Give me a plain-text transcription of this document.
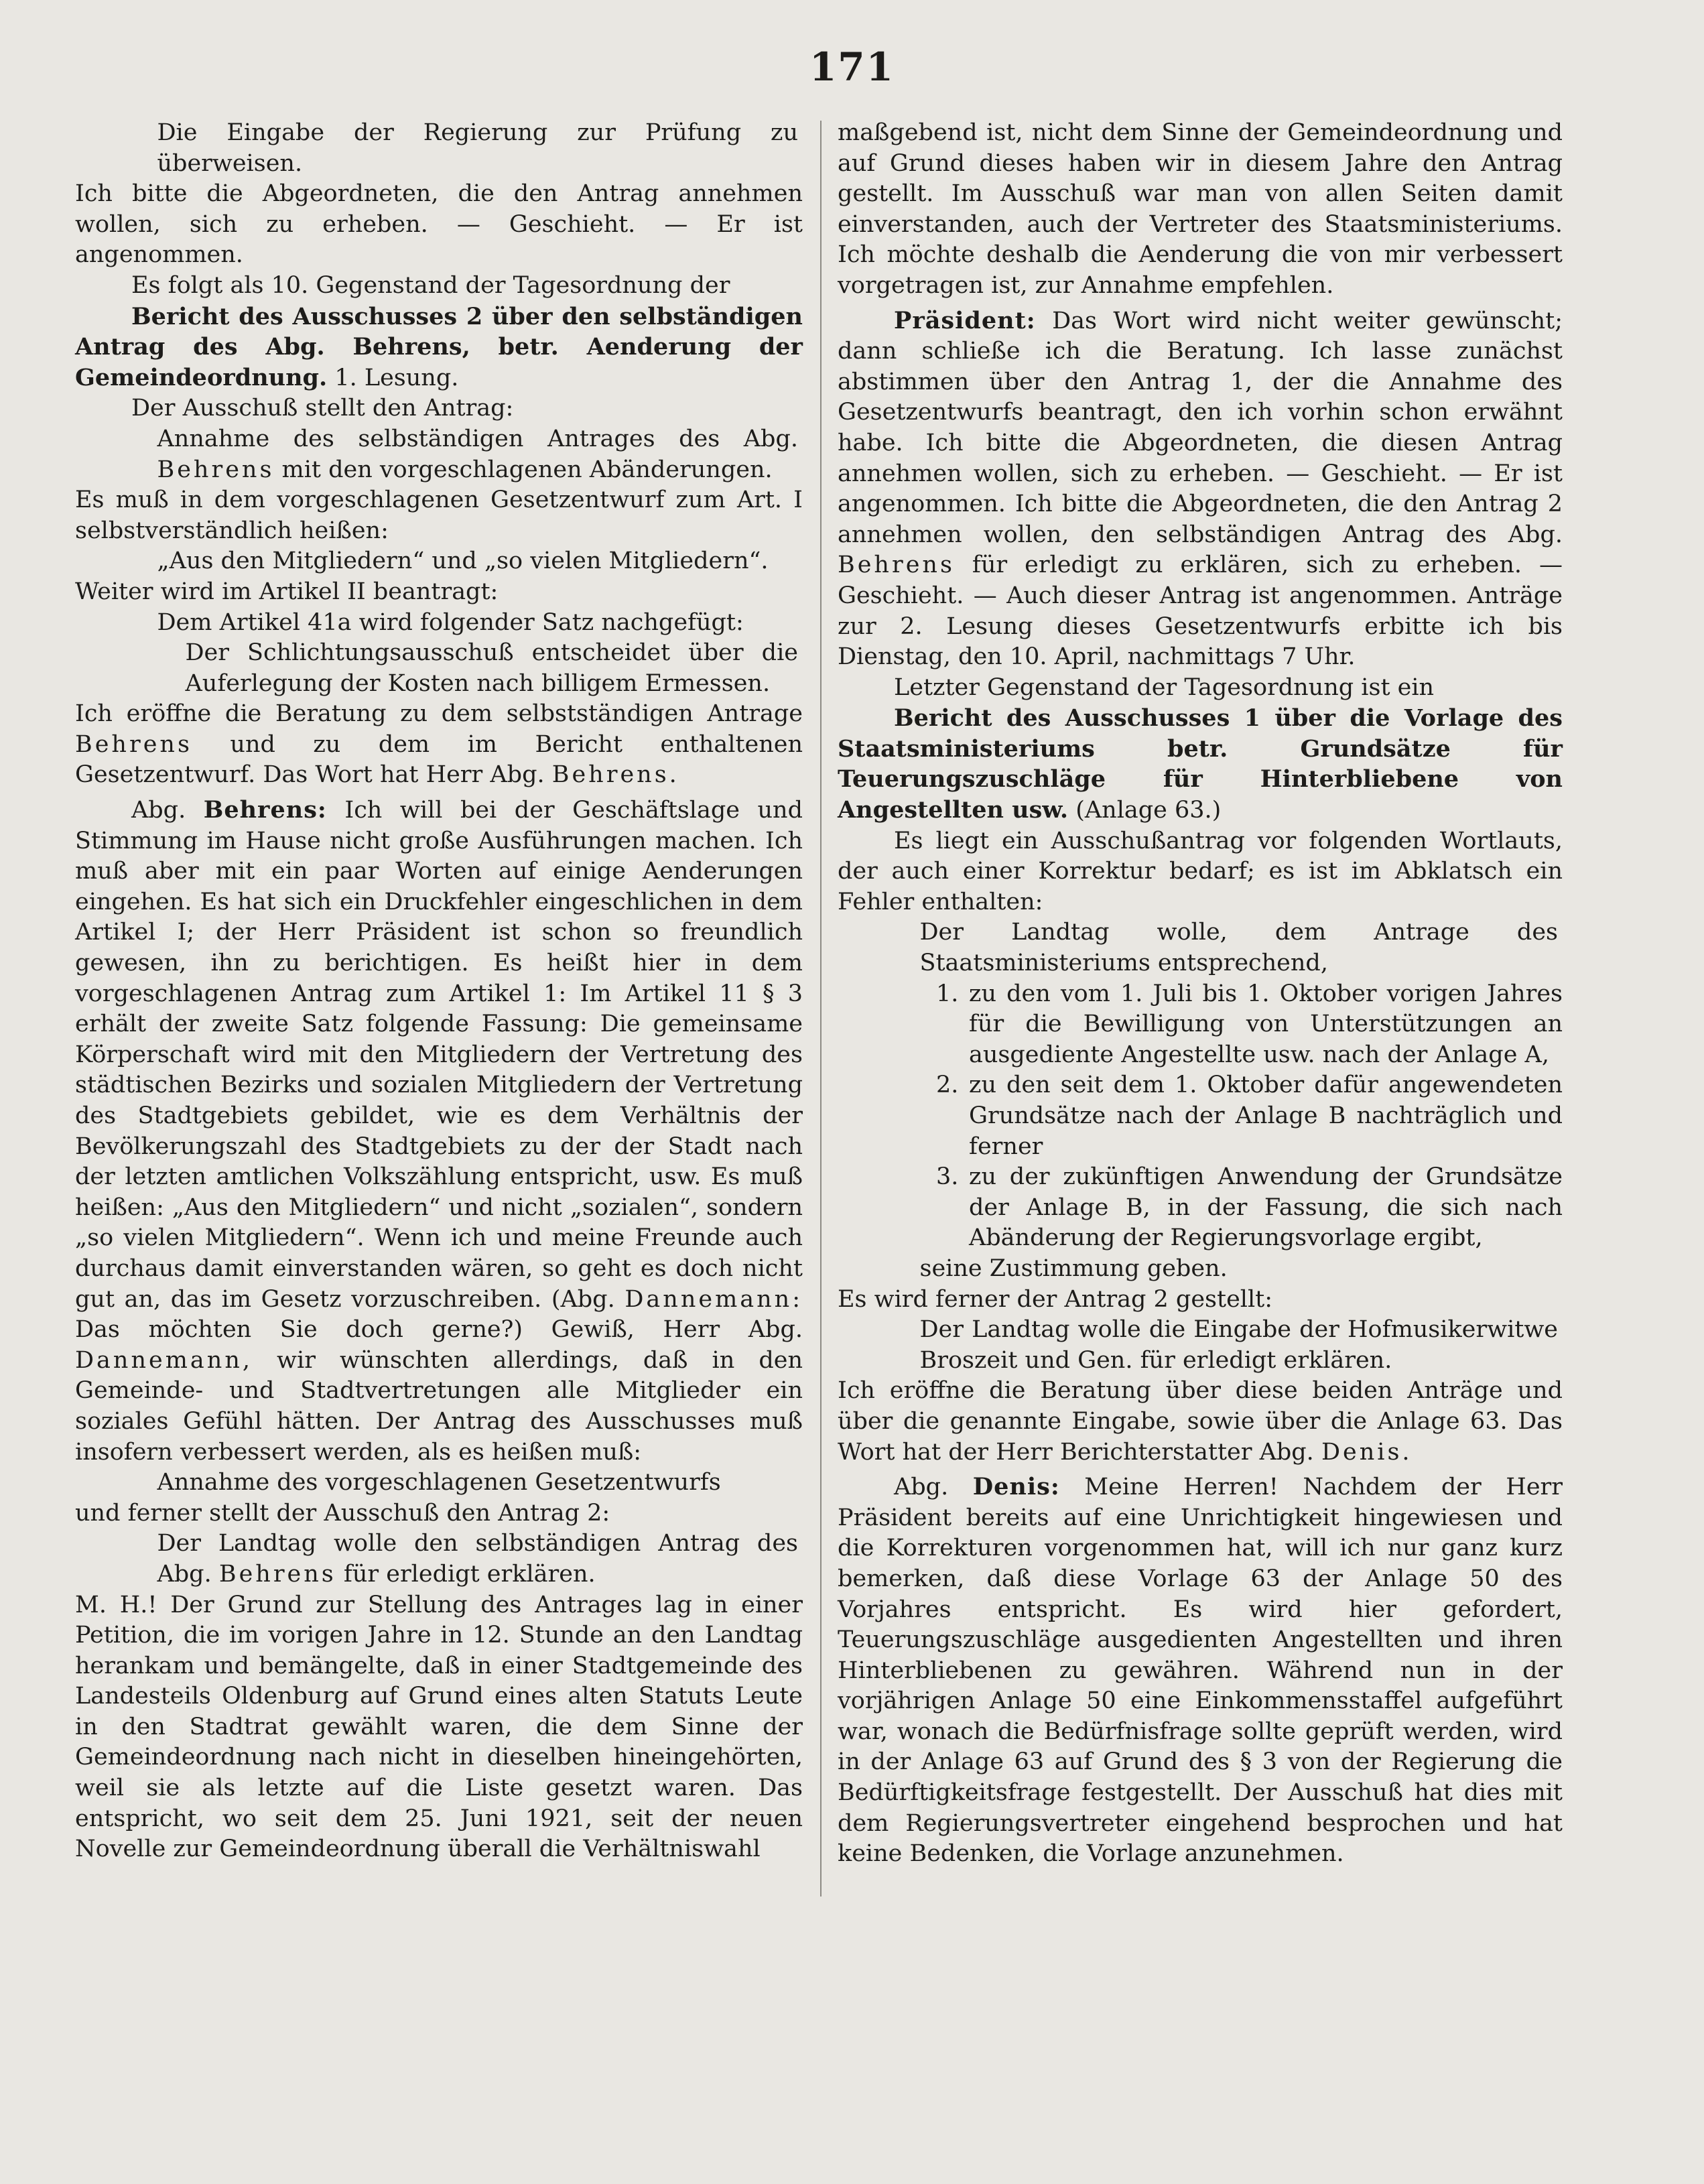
171

Die Eingabe der Regierung zur Prüfung zu überweisen.

Ich bitte die Abgeordneten, die den Antrag annehmen wollen, sich zu erheben. — Geschieht. — Er ist angenommen.

Es folgt als 10. Gegenstand der Tagesordnung der

Bericht des Ausschusses 2 über den selbständigen Antrag des Abg. Behrens, betr. Aenderung der Gemeindeordnung. 1. Lesung.

Der Ausschuß stellt den Antrag:

Annahme des selbständigen Antrages des Abg. Behrens mit den vorgeschlagenen Abänderungen.

Es muß in dem vorgeschlagenen Gesetzentwurf zum Art. I selbstverständlich heißen:

„Aus den Mitgliedern“ und „so vielen Mitgliedern“.

Weiter wird im Artikel II beantragt:

Dem Artikel 41a wird folgender Satz nachgefügt:

Der Schlichtungsausschuß entscheidet über die Auferlegung der Kosten nach billigem Ermessen.

Ich eröffne die Beratung zu dem selbstständigen Antrage Behrens und zu dem im Bericht enthaltenen Gesetzentwurf. Das Wort hat Herr Abg. Behrens.

Abg. Behrens: Ich will bei der Geschäftslage und Stimmung im Hause nicht große Ausführungen machen. Ich muß aber mit ein paar Worten auf einige Aenderungen eingehen. Es hat sich ein Druckfehler eingeschlichen in dem Artikel I; der Herr Präsident ist schon so freundlich gewesen, ihn zu berichtigen. Es heißt hier in dem vorgeschlagenen Antrag zum Artikel 1: Im Artikel 11 § 3 erhält der zweite Satz folgende Fassung: Die gemeinsame Körperschaft wird mit den Mitgliedern der Vertretung des städtischen Bezirks und sozialen Mitgliedern der Vertretung des Stadtgebiets gebildet, wie es dem Verhältnis der Bevölkerungszahl des Stadtgebiets zu der der Stadt nach der letzten amtlichen Volkszählung entspricht, usw. Es muß heißen: „Aus den Mitgliedern“ und nicht „sozialen“, sondern „so vielen Mitgliedern“. Wenn ich und meine Freunde auch durchaus damit einverstanden wären, so geht es doch nicht gut an, das im Gesetz vorzuschreiben. (Abg. Dannemann: Das möchten Sie doch gerne?) Gewiß, Herr Abg. Dannemann, wir wünschten allerdings, daß in den Gemeinde- und Stadtvertretungen alle Mitglieder ein soziales Gefühl hätten. Der Antrag des Ausschusses muß insofern verbessert werden, als es heißen muß:

Annahme des vorgeschlagenen Gesetzentwurfs

und ferner stellt der Ausschuß den Antrag 2:

Der Landtag wolle den selbständigen Antrag des Abg. Behrens für erledigt erklären.

M. H.! Der Grund zur Stellung des Antrages lag in einer Petition, die im vorigen Jahre in 12. Stunde an den Landtag herankam und bemängelte, daß in einer Stadtgemeinde des Landesteils Oldenburg auf Grund eines alten Statuts Leute in den Stadtrat gewählt waren, die dem Sinne der Gemeindeordnung nach nicht in dieselben hineingehörten, weil sie als letzte auf die Liste gesetzt waren. Das entspricht, wo seit dem 25. Juni 1921, seit der neuen Novelle zur Gemeindeordnung überall die Verhältniswahl

maßgebend ist, nicht dem Sinne der Gemeindeordnung und auf Grund dieses haben wir in diesem Jahre den Antrag gestellt. Im Ausschuß war man von allen Seiten damit einverstanden, auch der Vertreter des Staatsministeriums. Ich möchte deshalb die Aenderung die von mir verbessert vorgetragen ist, zur Annahme empfehlen.

Präsident: Das Wort wird nicht weiter gewünscht; dann schließe ich die Beratung. Ich lasse zunächst abstimmen über den Antrag 1, der die Annahme des Gesetzentwurfs beantragt, den ich vorhin schon erwähnt habe. Ich bitte die Abgeordneten, die diesen Antrag annehmen wollen, sich zu erheben. — Geschieht. — Er ist angenommen. Ich bitte die Abgeordneten, die den Antrag 2 annehmen wollen, den selbständigen Antrag des Abg. Behrens für erledigt zu erklären, sich zu erheben. — Geschieht. — Auch dieser Antrag ist angenommen. Anträge zur 2. Lesung dieses Gesetzentwurfs erbitte ich bis Dienstag, den 10. April, nachmittags 7 Uhr.

Letzter Gegenstand der Tagesordnung ist ein

Bericht des Ausschusses 1 über die Vorlage des Staatsministeriums betr. Grundsätze für Teuerungszuschläge für Hinterbliebene von Angestellten usw. (Anlage 63.)

Es liegt ein Ausschußantrag vor folgenden Wortlauts, der auch einer Korrektur bedarf; es ist im Abklatsch ein Fehler enthalten:

Der Landtag wolle, dem Antrage des Staatsministeriums entsprechend,

1. zu den vom 1. Juli bis 1. Oktober vorigen Jahres für die Bewilligung von Unterstützungen an ausgediente Angestellte usw. nach der Anlage A,

2. zu den seit dem 1. Oktober dafür angewendeten Grundsätze nach der Anlage B nachträglich und ferner

3. zu der zukünftigen Anwendung der Grundsätze der Anlage B, in der Fassung, die sich nach Abänderung der Regierungsvorlage ergibt,

seine Zustimmung geben.

Es wird ferner der Antrag 2 gestellt:

Der Landtag wolle die Eingabe der Hofmusikerwitwe Broszeit und Gen. für erledigt erklären.

Ich eröffne die Beratung über diese beiden Anträge und über die genannte Eingabe, sowie über die Anlage 63. Das Wort hat der Herr Berichterstatter Abg. Denis.

Abg. Denis: Meine Herren! Nachdem der Herr Präsident bereits auf eine Unrichtigkeit hingewiesen und die Korrekturen vorgenommen hat, will ich nur ganz kurz bemerken, daß diese Vorlage 63 der Anlage 50 des Vorjahres entspricht. Es wird hier gefordert, Teuerungszuschläge ausgedienten Angestellten und ihren Hinterbliebenen zu gewähren. Während nun in der vorjährigen Anlage 50 eine Einkommensstaffel aufgeführt war, wonach die Bedürfnisfrage sollte geprüft werden, wird in der Anlage 63 auf Grund des § 3 von der Regierung die Bedürftigkeitsfrage festgestellt. Der Ausschuß hat dies mit dem Regierungsvertreter eingehend besprochen und hat keine Bedenken, die Vorlage anzunehmen.
